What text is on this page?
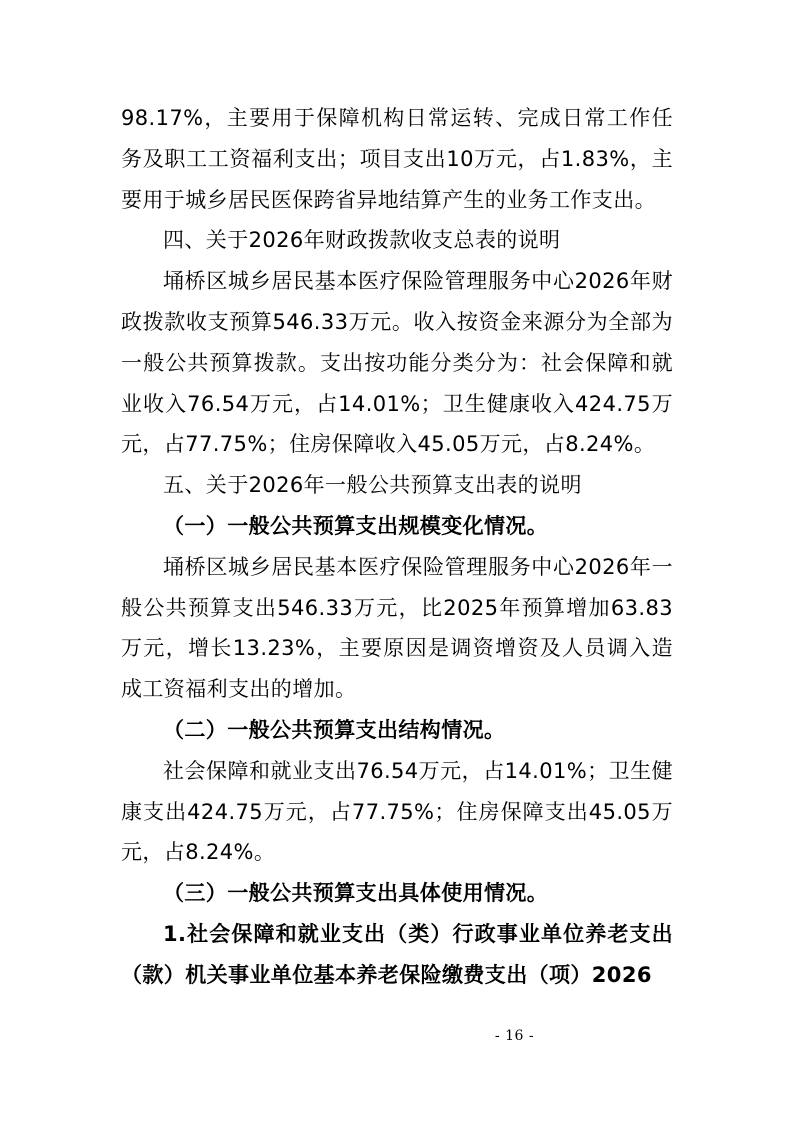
98.17%，主要用于保障机构日常运转、完成日常工作任务及职工工资福利支出；项目支出10万元，占1.83%，主要用于城乡居民医保跨省异地结算产生的业务工作支出。

四、关于2026年财政拨款收支总表的说明

埇桥区城乡居民基本医疗保险管理服务中心2026年财政拨款收支预算546.33万元。收入按资金来源分为全部为一般公共预算拨款。支出按功能分类分为：社会保障和就业收入76.54万元，占14.01%；卫生健康收入424.75万元，占77.75%；住房保障收入45.05万元，占8.24%。

五、关于2026年一般公共预算支出表的说明

（一）一般公共预算支出规模变化情况。

埇桥区城乡居民基本医疗保险管理服务中心2026年一般公共预算支出546.33万元，比2025年预算增加63.83万元，增长13.23%，主要原因是调资增资及人员调入造成工资福利支出的增加。

（二）一般公共预算支出结构情况。

社会保障和就业支出76.54万元，占14.01%；卫生健康支出424.75万元，占77.75%；住房保障支出45.05万元，占8.24%。

（三）一般公共预算支出具体使用情况。

1.社会保障和就业支出（类）行政事业单位养老支出（款）机关事业单位基本养老保险缴费支出（项）2026

- 16 -
